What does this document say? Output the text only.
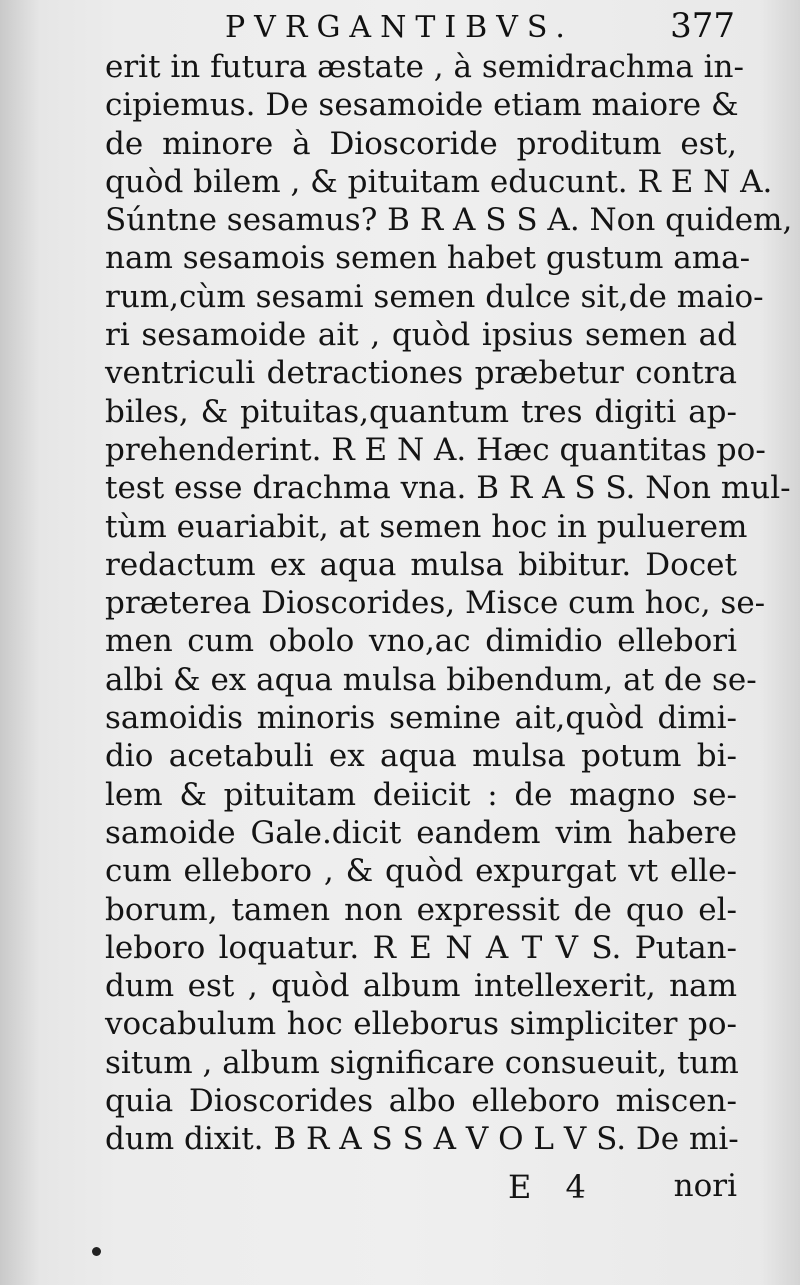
PVRGANTIBVS.	377
erit in futura æstate , à semidrachma in-
cipiemus. De sesamoide etiam maiore &
de minore à Dioscoride proditum est,
quòd bilem , & pituitam educunt. R E N A.
Súntne sesamus? B R A S S A. Non quidem,
nam sesamois semen habet gustum ama-
rum,cùm sesami semen dulce sit,de maio-
ri sesamoide ait , quòd ipsius semen ad
ventriculi detractiones præbetur contra
biles, & pituitas,quantum tres digiti ap-
prehenderint. R E N A. Hæc quantitas po-
test esse drachma vna. B R A S S. Non mul-
tùm euariabit, at semen hoc in puluerem
redactum ex aqua mulsa bibitur. Docet
præterea Dioscorides, Misce cum hoc, se-
men cum obolo vno,ac dimidio ellebori
albi & ex aqua mulsa bibendum, at de se-
samoidis minoris semine ait,quòd dimi-
dio acetabuli ex aqua mulsa potum bi-
lem & pituitam deiicit : de magno se-
samoide Gale.dicit eandem vim habere
cum elleboro , & quòd expurgat vt elle-
borum, tamen non expressit de quo el-
leboro loquatur. R E N A T V S. Putan-
dum est , quòd album intellexerit, nam
vocabulum hoc elleborus simpliciter po-
situm , album significare consueuit, tum
quia Dioscorides albo elleboro miscen-
dum dixit. B R A S S A V O L V S. De mi-
E 4 nori
